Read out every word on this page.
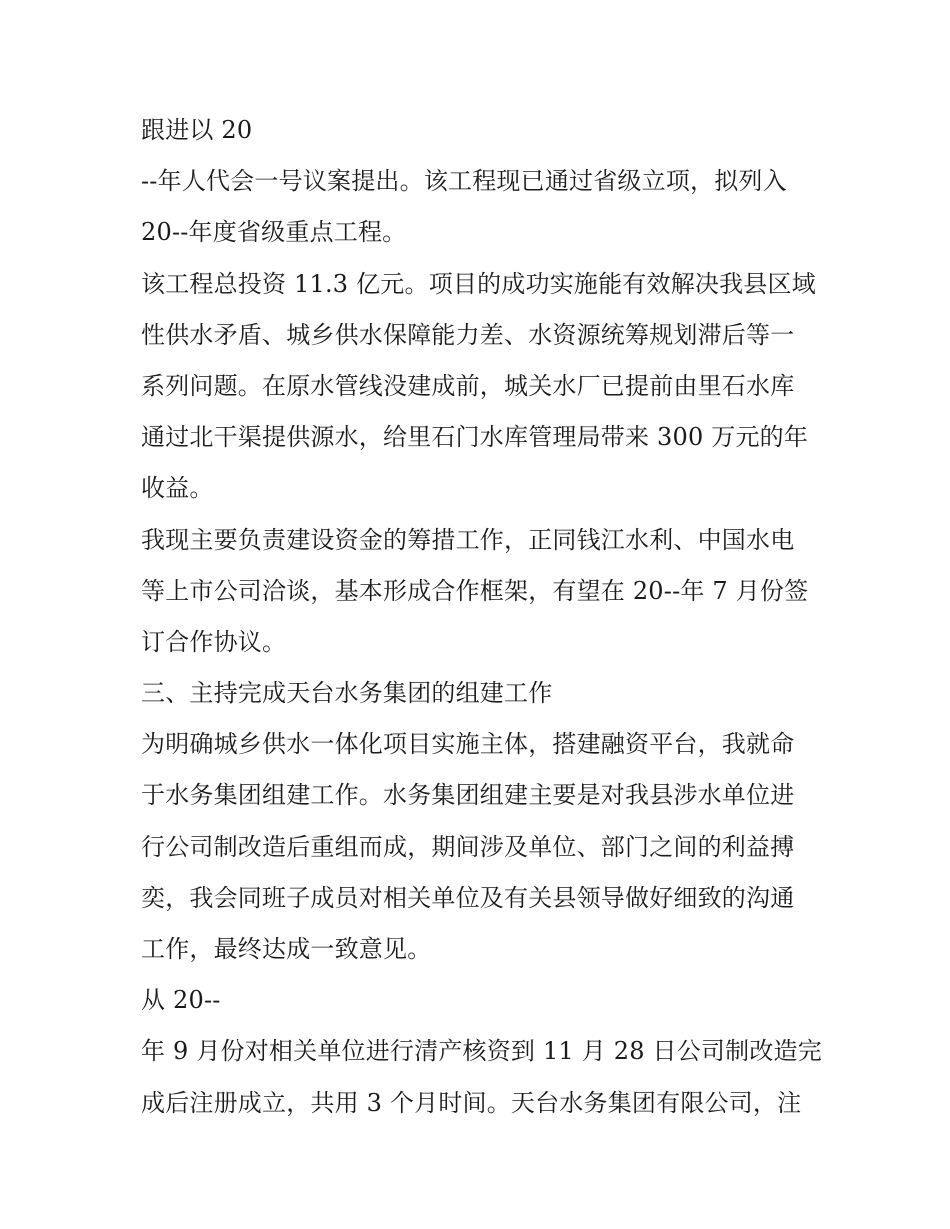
跟进以 20
--年人代会一号议案提出。该工程现已通过省级立项，拟列入
20--年度省级重点工程。
该工程总投资 11.3 亿元。项目的成功实施能有效解决我县区域
性供水矛盾、城乡供水保障能力差、水资源统筹规划滞后等一
系列问题。在原水管线没建成前，城关水厂已提前由里石水库
通过北干渠提供源水，给里石门水库管理局带来 300 万元的年
收益。
我现主要负责建设资金的筹措工作，正同钱江水利、中国水电
等上市公司洽谈，基本形成合作框架，有望在 20--年 7 月份签
订合作协议。
三、主持完成天台水务集团的组建工作
为明确城乡供水一体化项目实施主体，搭建融资平台，我就命
于水务集团组建工作。水务集团组建主要是对我县涉水单位进
行公司制改造后重组而成，期间涉及单位、部门之间的利益搏
奕，我会同班子成员对相关单位及有关县领导做好细致的沟通
工作，最终达成一致意见。
从 20--
年 9 月份对相关单位进行清产核资到 11 月 28 日公司制改造完
成后注册成立，共用 3 个月时间。天台水务集团有限公司，注
